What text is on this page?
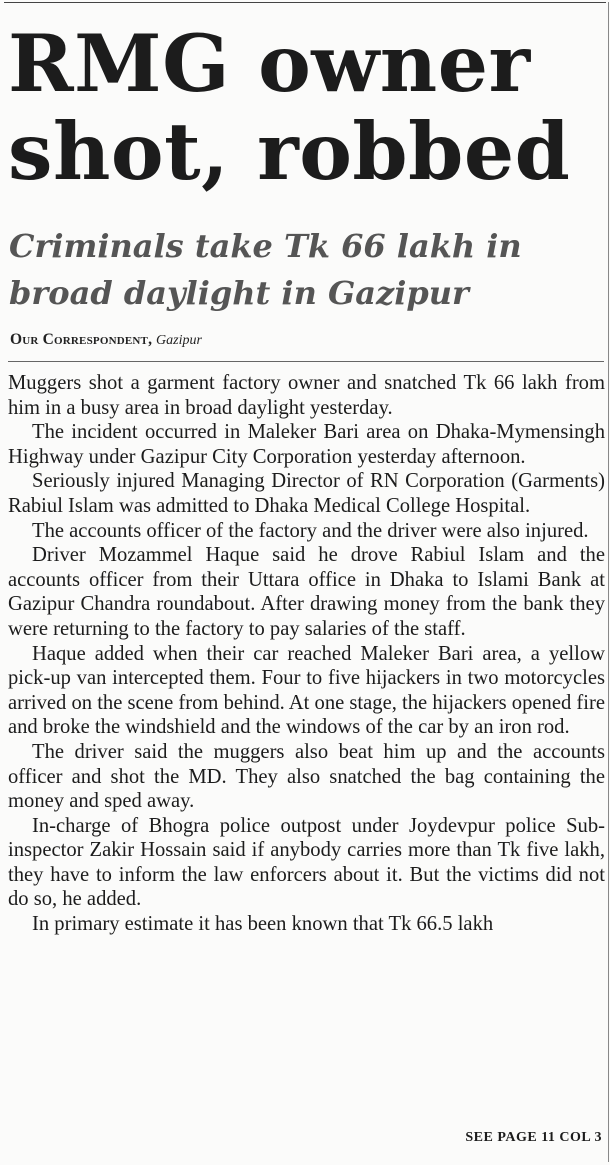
RMG owner
shot, robbed
Criminals take Tk 66 lakh in
broad daylight in Gazipur
Our Correspondent, Gazipur

Muggers shot a garment factory owner and snatched Tk 66 lakh from him in a busy area in broad daylight yesterday.

The incident occurred in Maleker Bari area on Dhaka-Mymensingh Highway under Gazipur City Corporation yesterday afternoon.

Seriously injured Managing Director of RN Corporation (Garments) Rabiul Islam was admitted to Dhaka Medical College Hospital.

The accounts officer of the factory and the driver were also injured.

Driver Mozammel Haque said he drove Rabiul Islam and the accounts officer from their Uttara office in Dhaka to Islami Bank at Gazipur Chandra roundabout. After drawing money from the bank they were returning to the factory to pay salaries of the staff.

Haque added when their car reached Maleker Bari area, a yellow pick-up van intercepted them. Four to five hijackers in two motorcycles arrived on the scene from behind. At one stage, the hijackers opened fire and broke the windshield and the windows of the car by an iron rod.

The driver said the muggers also beat him up and the accounts officer and shot the MD. They also snatched the bag containing the money and sped away.

In-charge of Bhogra police outpost under Joydevpur police Sub-inspector Zakir Hossain said if anybody carries more than Tk five lakh, they have to inform the law enforcers about it. But the victims did not do so, he added.

In primary estimate it has been known that Tk 66.5 lakh

SEE PAGE 11 COL 3
